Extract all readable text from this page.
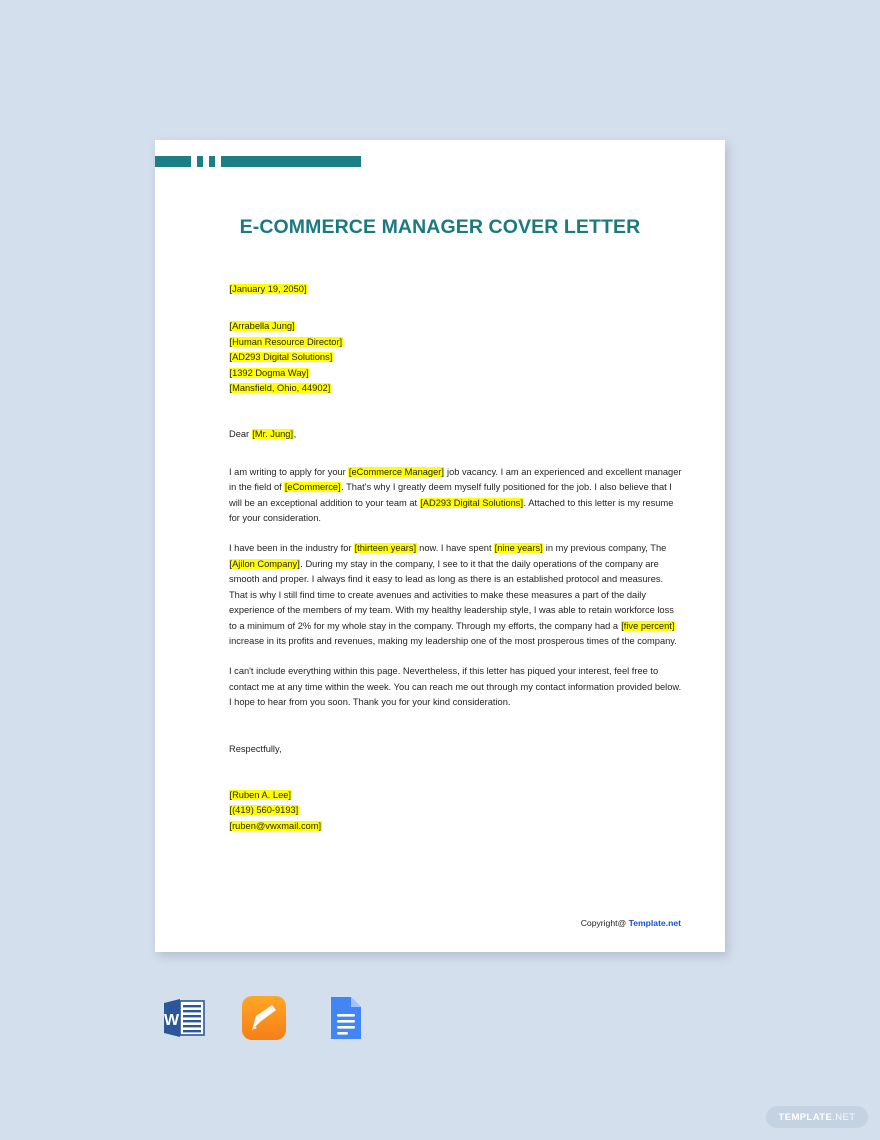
E-COMMERCE MANAGER COVER LETTER
[January 19, 2050]
[Arrabella Jung]
[Human Resource Director]
[AD293 Digital Solutions]
[1392 Dogma Way]
[Mansfield, Ohio, 44902]
Dear [Mr. Jung],

I am writing to apply for your [eCommerce Manager] job vacancy. I am an experienced and excellent manager in the field of [eCommerce]. That's why I greatly deem myself fully positioned for the job. I also believe that I will be an exceptional addition to your team at [AD293 Digital Solutions]. Attached to this letter is my resume for your consideration.

I have been in the industry for [thirteen years] now. I have spent [nine years] in my previous company, The [Ajilon Company]. During my stay in the company, I see to it that the daily operations of the company are smooth and proper. I always find it easy to lead as long as there is an established protocol and measures. That is why I still find time to create avenues and activities to make these measures a part of the daily experience of the members of my team. With my healthy leadership style, I was able to retain workforce loss to a minimum of 2% for my whole stay in the company. Through my efforts, the company had a [five percent] increase in its profits and revenues, making my leadership one of the most prosperous times of the company.

I can't include everything within this page. Nevertheless, if this letter has piqued your interest, feel free to contact me at any time within the week. You can reach me out through my contact information provided below. I hope to hear from you soon. Thank you for your kind consideration.

Respectfully,
[Ruben A. Lee]
[(419) 560-9193]
[ruben@vwxmail.com]
Copyright@ Template.net
W
TEMPLATE .NET
